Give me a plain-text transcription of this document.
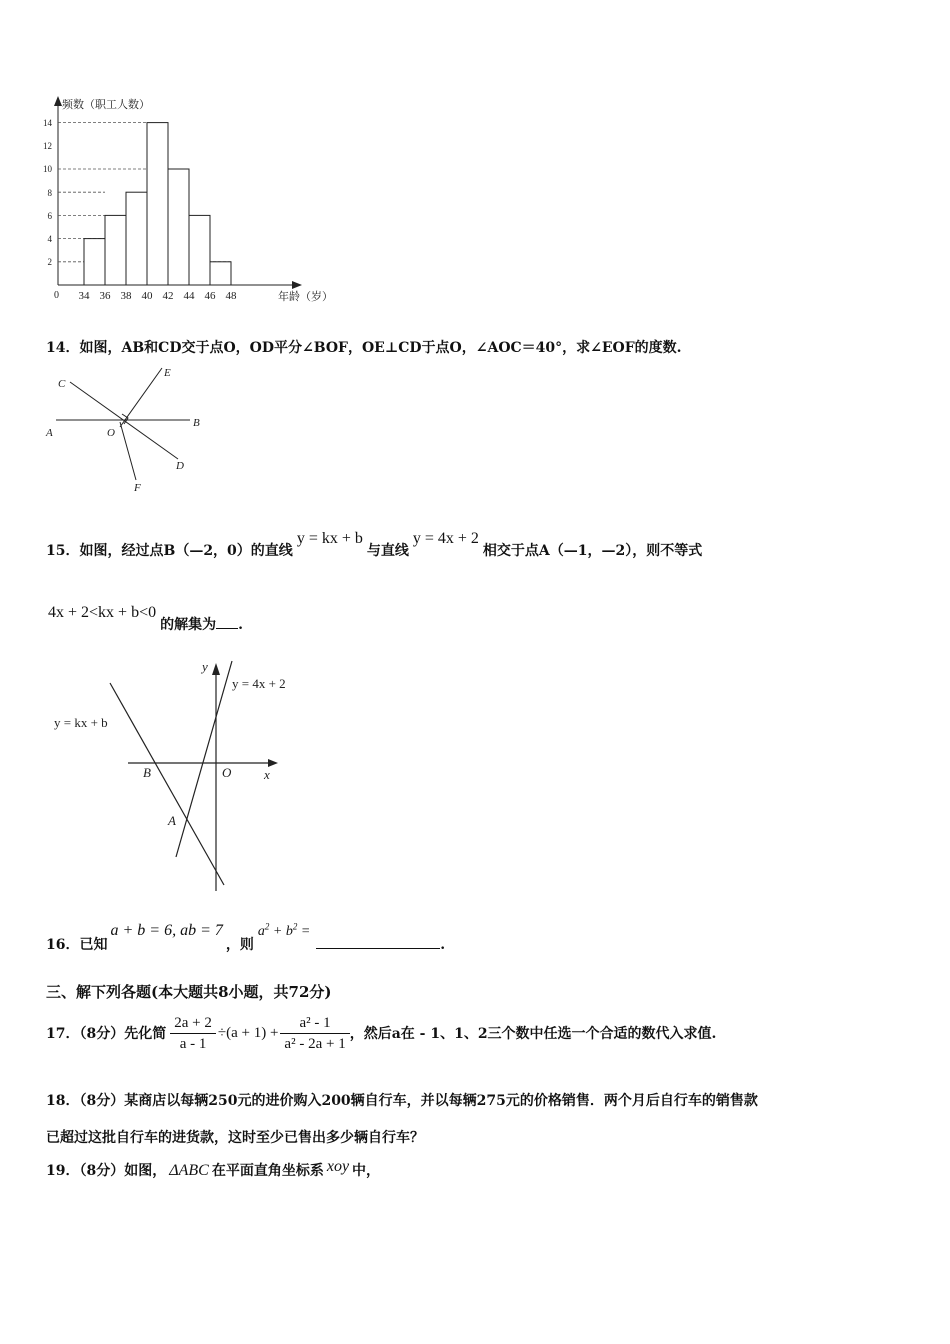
2
4
6
8
10
12
14
0 34 36 38 40 42 44 46 48
频数（职工人数）
年龄（岁）
14．如图，AB和CD交于点O，OD平分∠BOF，OE⊥CD于点O，∠AOC＝40°，求∠EOF的度数.
A
B
C
D
E
F
O
15．如图，经过点B（—2，0）的直线y = kx + b与直线y = 4x + 2相交于点A（—1，—2），则不等式
4x + 2<kx + b<0的解集为 .
y
x
y = 4x + 2
y = kx + b
B	O
A
16．已知a + b = 6, ab = 7，则$a^2 + b^2$ =.
三、解下列各题(本大题共8小题，共72分)
17．（8分）先化简 $\frac{2a + 2}{a - 1} \div(a + 1) + \frac{\text{a² - 1}}{\text{a² - 2a + 1}}$ ，然后a在 - 1、1、2三个数中任选一个合适的数代入求值.
18．（8分）某商店以每辆250元的进价购入200辆自行车，并以每辆275元的价格销售．两个月后自行车的销售款
已超过这批自行车的进货款，这时至少已售出多少辆自行车？
19．（8分）如图， ΔABC 在平面直角坐标系 xoy 中，
